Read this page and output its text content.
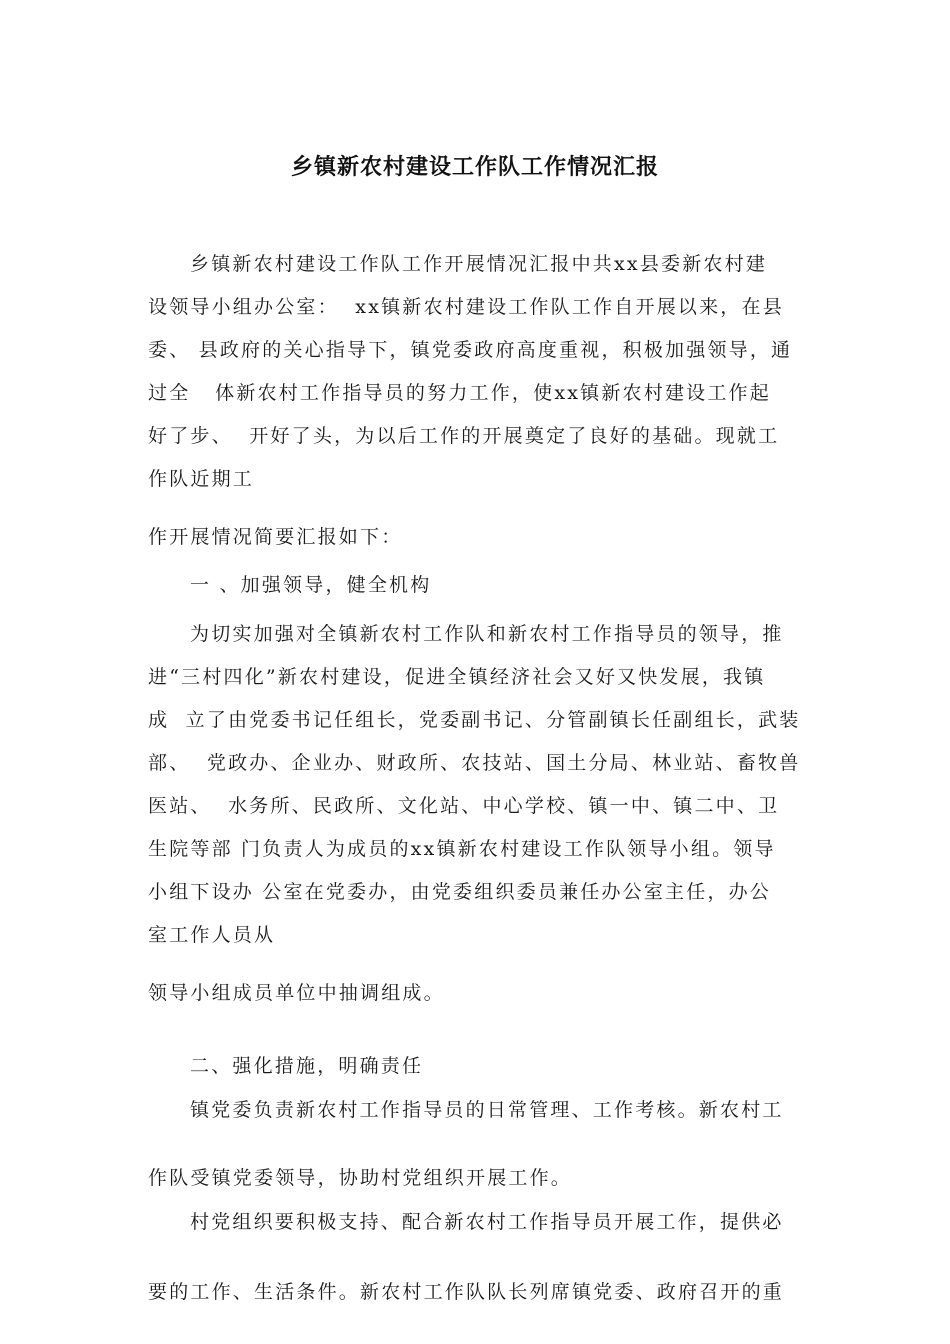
乡镇新农村建设工作队工作情况汇报
乡镇新农村建设工作队工作开展情况汇报中共xx县委新农村建
设领导小组办公室：  xx镇新农村建设工作队工作自开展以来，在县
委、 县政府的关心指导下，镇党委政府高度重视，积极加强领导，通
过全   体新农村工作指导员的努力工作，使xx镇新农村建设工作起
好了步、  开好了头，为以后工作的开展奠定了良好的基础。现就工
作队近期工
作开展情况简要汇报如下：
一 、加强领导，健全机构
为切实加强对全镇新农村工作队和新农村工作指导员的领导，推
进“三村四化”新农村建设，促进全镇经济社会又好又快发展，我镇
成  立了由党委书记任组长，党委副书记、分管副镇长任副组长，武装
部、  党政办、企业办、财政所、农技站、国土分局、林业站、畜牧兽
医站、  水务所、民政所、文化站、中心学校、镇一中、镇二中、卫
生院等部 门负责人为成员的xx镇新农村建设工作队领导小组。领导
小组下设办 公室在党委办，由党委组织委员兼任办公室主任，办公
室工作人员从
领导小组成员单位中抽调组成。
二、强化措施，明确责任
镇党委负责新农村工作指导员的日常管理、工作考核。新农村工
作队受镇党委领导，协助村党组织开展工作。
村党组织要积极支持、配合新农村工作指导员开展工作，提供必
要的工作、生活条件。新农村工作队队长列席镇党委、政府召开的重
